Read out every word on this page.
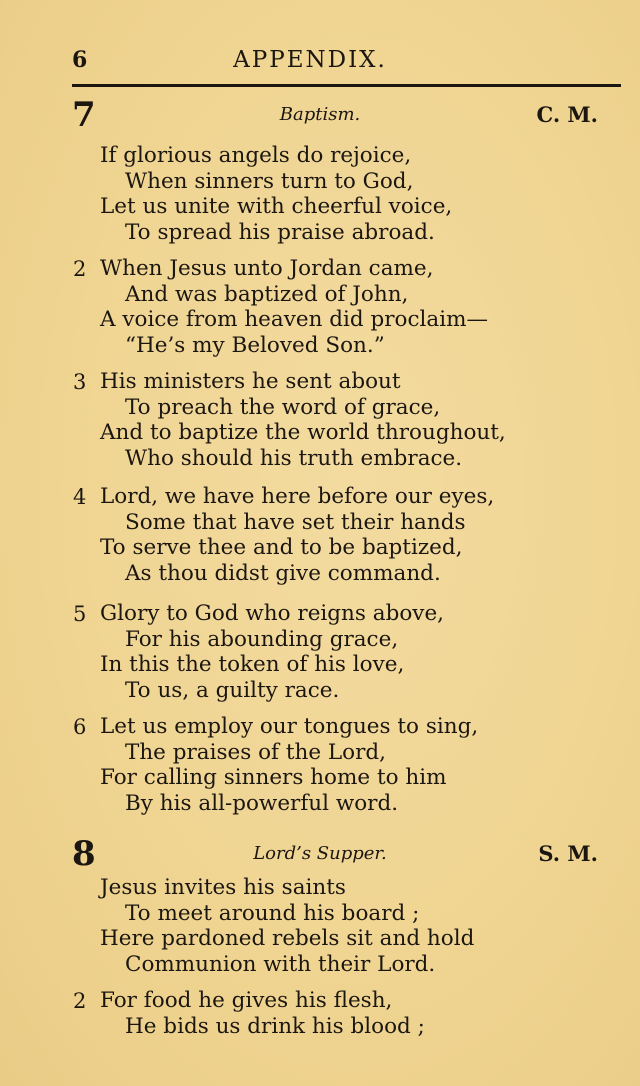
6	APPENDIX.
7	Baptism.	C. M.
If glorious angels do rejoice,
When sinners turn to God,
Let us unite with cheerful voice,
To spread his praise abroad.
2 When Jesus unto Jordan came,
And was baptized of John,
A voice from heaven did proclaim—
“He’s my Beloved Son.”
3 His ministers he sent about
To preach the word of grace,
And to baptize the world throughout,
Who should his truth embrace.
4 Lord, we have here before our eyes,
Some that have set their hands
To serve thee and to be baptized,
As thou didst give command.
5 Glory to God who reigns above,
For his abounding grace,
In this the token of his love,
To us, a guilty race.
6 Let us employ our tongues to sing,
The praises of the Lord,
For calling sinners home to him
By his all-powerful word.
8	Lord’s Supper.	S. M.
Jesus invites his saints
To meet around his board ;
Here pardoned rebels sit and hold
Communion with their Lord.
2 For food he gives his flesh,
He bids us drink his blood ;
